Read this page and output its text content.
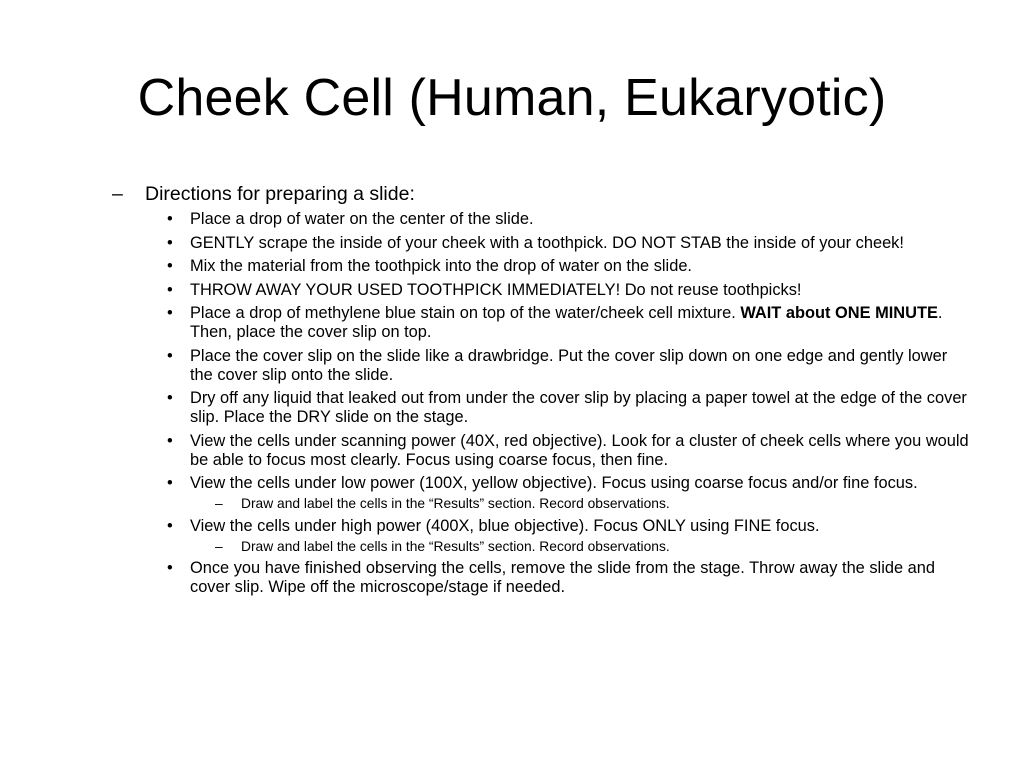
Cheek Cell (Human, Eukaryotic)
– Directions for preparing a slide:
• Place a drop of water on the center of the slide.
• GENTLY scrape the inside of your cheek with a toothpick. DO NOT STAB the inside of your cheek!
• Mix the material from the toothpick into the drop of water on the slide.
• THROW AWAY YOUR USED TOOTHPICK IMMEDIATELY! Do not reuse toothpicks!
• Place a drop of methylene blue stain on top of the water/cheek cell mixture. WAIT about ONE MINUTE. Then, place the cover slip on top.
• Place the cover slip on the slide like a drawbridge. Put the cover slip down on one edge and gently lower the cover slip onto the slide.
• Dry off any liquid that leaked out from under the cover slip by placing a paper towel at the edge of the cover slip. Place the DRY slide on the stage.
• View the cells under scanning power (40X, red objective). Look for a cluster of cheek cells where you would be able to focus most clearly. Focus using coarse focus, then fine.
• View the cells under low power (100X, yellow objective). Focus using coarse focus and/or fine focus.
– Draw and label the cells in the “Results” section. Record observations.
• View the cells under high power (400X, blue objective). Focus ONLY using FINE focus.
– Draw and label the cells in the “Results” section. Record observations.
• Once you have finished observing the cells, remove the slide from the stage. Throw away the slide and cover slip. Wipe off the microscope/stage if needed.
